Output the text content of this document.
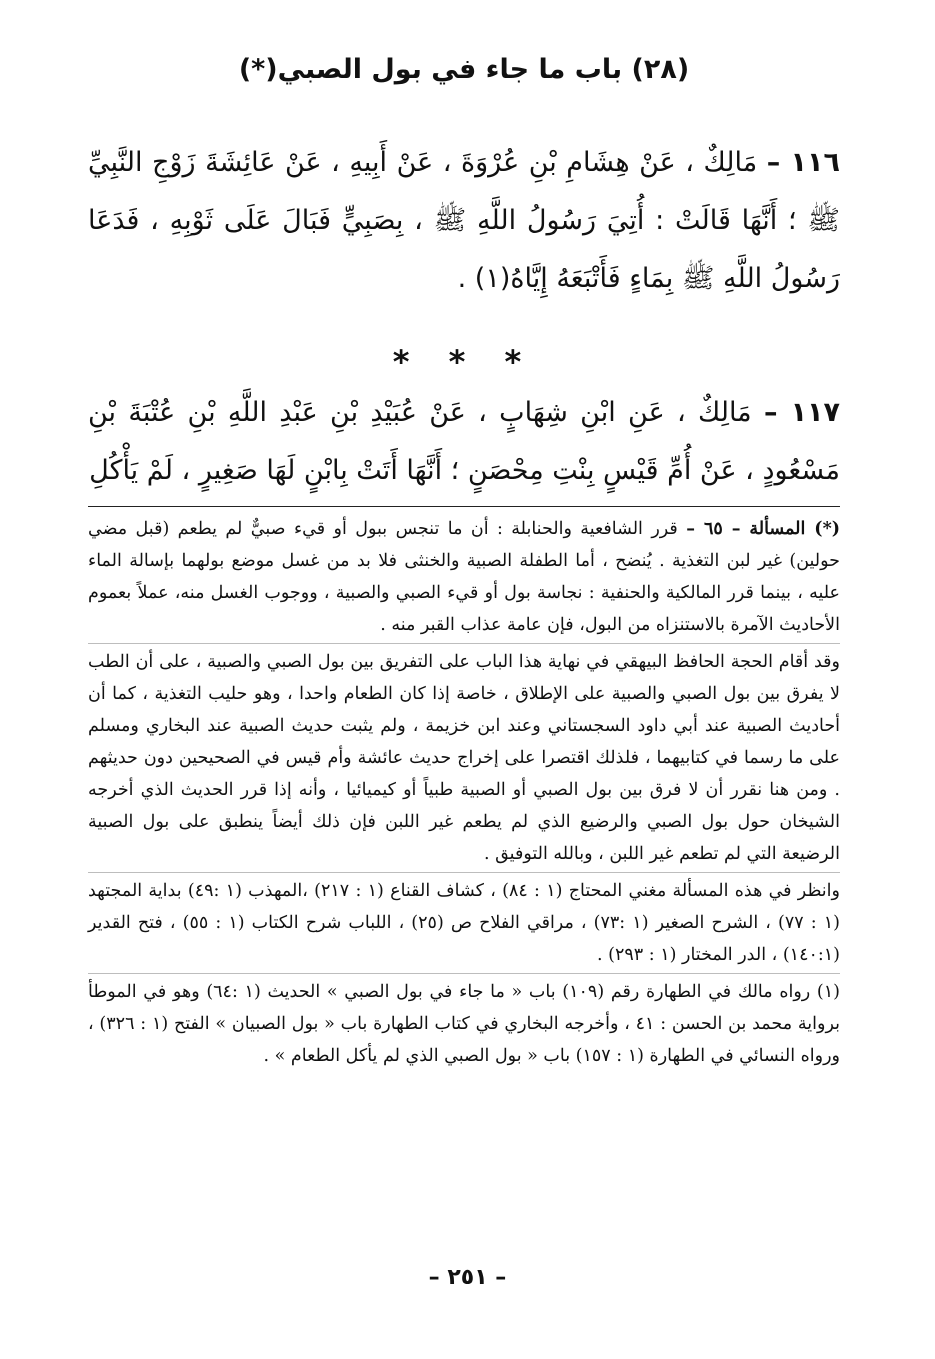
(٢٨) باب ما جاء في بول الصبي(*)

١١٦ – مَالِكٌ ، عَنْ هِشَامِ بْنِ عُرْوَةَ ، عَنْ أَبِيهِ ، عَنْ عَائِشَةَ زَوْجِ النَّبِيِّ ﷺ ؛ أَنَّهَا قَالَتْ : أُتِيَ رَسُولُ اللَّهِ ﷺ ، بِصَبِيٍّ فَبَالَ عَلَى ثَوْبِهِ ، فَدَعَا رَسُولُ اللَّهِ ﷺ بِمَاءٍ فَأَتْبَعَهُ إِيَّاهُ(١) .

* * *

١١٧ – مَالِكٌ ، عَنِ ابْنِ شِهَابٍ ، عَنْ عُبَيْدِ بْنِ عَبْدِ اللَّهِ بْنِ عُتْبَةَ بْنِ مَسْعُودٍ ، عَنْ أُمِّ قَيْسٍ بِنْتِ مِحْصَنٍ ؛ أَنَّهَا أَتَتْ بِابْنٍ لَهَا صَغِيرٍ ، لَمْ يَأْكُلِ

(*) المسألة – ٦٥ – قرر الشافعية والحنابلة : أن ما تنجس ببول أو قيء صبيٌّ لم يطعم (قبل مضي حولين) غير لبن التغذية . يُنضح ، أما الطفلة الصبية والخنثى فلا بد من غسل موضع بولهما بإسالة الماء عليه ، بينما قرر المالكية والحنفية : نجاسة بول أو قيء الصبي والصبية ، ووجوب الغسل منه، عملاً بعموم الأحاديث الآمرة بالاستنزاه من البول، فإن عامة عذاب القبر منه .

وقد أقام الحجة الحافظ البيهقي في نهاية هذا الباب على التفريق بين بول الصبي والصبية ، على أن الطب لا يفرق بين بول الصبي والصبية على الإطلاق ، خاصة إذا كان الطعام واحدا ، وهو حليب التغذية ، كما أن أحاديث الصبية عند أبي داود السجستاني وعند ابن خزيمة ، ولم يثبت حديث الصبية عند البخاري ومسلم على ما رسما في كتابيهما ، فلذلك اقتصرا على إخراج حديث عائشة وأم قيس في الصحيحين دون حديثهم . ومن هنا نقرر أن لا فرق بين بول الصبي أو الصبية طبياً أو كيميائيا ، وأنه إذا قرر الحديث الذي أخرجه الشيخان حول بول الصبي والرضيع الذي لم يطعم غير اللبن فإن ذلك أيضاً ينطبق على بول الصبية الرضيعة التي لم تطعم غير اللبن ، وبالله التوفيق .

وانظر في هذه المسألة مغني المحتاج (١ : ٨٤) ، كشاف القناع (١ : ٢١٧) ،المهذب (١ :٤٩) بداية المجتهد (١ : ٧٧) ، الشرح الصغير (١ :٧٣) ، مراقي الفلاح ص (٢٥) ، اللباب شرح الكتاب (١ : ٥٥) ، فتح القدير (١٤٠:١) ، الدر المختار (١ : ٢٩٣) .

(١) رواه مالك في الطهارة رقم (١٠٩) باب « ما جاء في بول الصبي » الحديث (١ :٦٤) وهو في الموطأ برواية محمد بن الحسن : ٤١ ، وأخرجه البخاري في كتاب الطهارة باب « بول الصبيان » الفتح (١ : ٣٢٦) ، ورواه النسائي في الطهارة (١ : ١٥٧) باب « بول الصبي الذي لم يأكل الطعام » .

– ٢٥١ –
